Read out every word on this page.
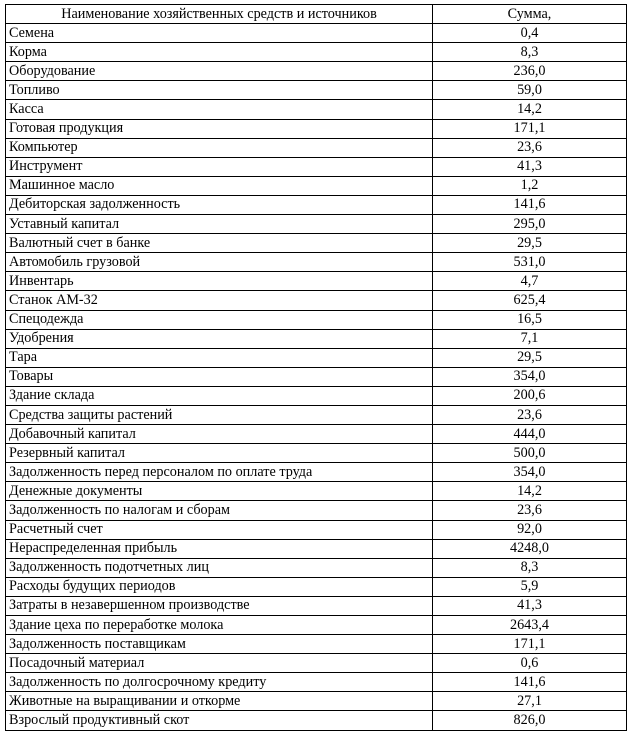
Наименование хозяйственных средств и источников	Сумма,
Семена	0,4
Корма	8,3
Оборудование	236,0
Топливо	59,0
Касса	14,2
Готовая продукция	171,1
Компьютер	23,6
Инструмент	41,3
Машинное масло	1,2
Дебиторская задолженность	141,6
Уставный капитал	295,0
Валютный счет в банке	29,5
Автомобиль грузовой	531,0
Инвентарь	4,7
Станок АМ-32	625,4
Спецодежда	16,5
Удобрения	7,1
Тара	29,5
Товары	354,0
Здание склада	200,6
Средства защиты растений	23,6
Добавочный капитал	444,0
Резервный капитал	500,0
Задолженность перед персоналом по оплате труда	354,0
Денежные документы	14,2
Задолженность по налогам и сборам	23,6
Расчетный счет	92,0
Нераспределенная прибыль	4248,0
Задолженность подотчетных лиц	8,3
Расходы будущих периодов	5,9
Затраты в незавершенном производстве	41,3
Здание цеха по переработке молока	2643,4
Задолженность поставщикам	171,1
Посадочный материал	0,6
Задолженность по долгосрочному кредиту	141,6
Животные на выращивании и откорме	27,1
Взрослый продуктивный скот	826,0
